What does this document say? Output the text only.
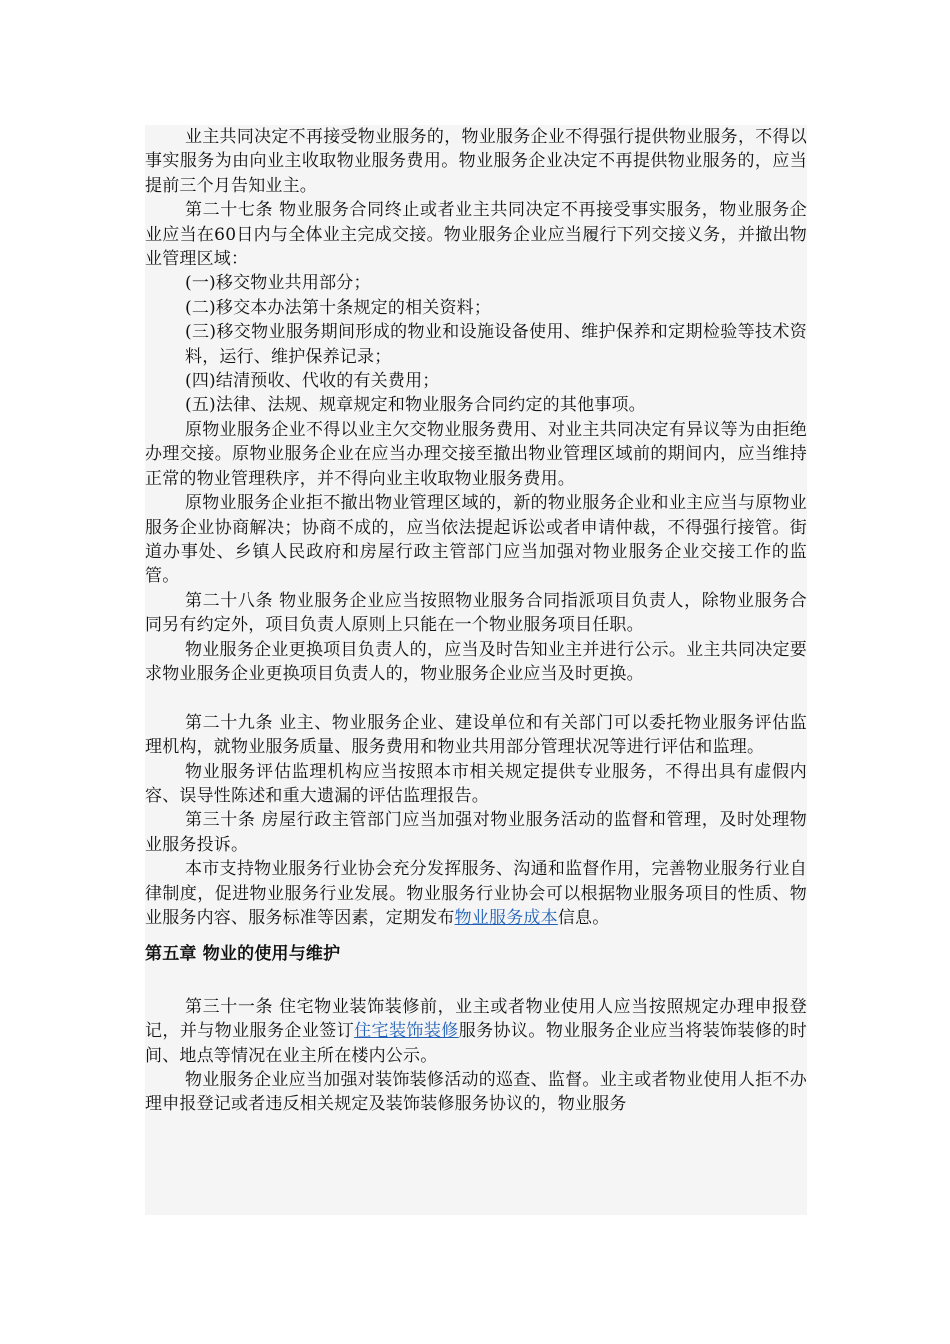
业主共同决定不再接受物业服务的，物业服务企业不得强行提供物业服务，不得以事实服务为由向业主收取物业服务费用。物业服务企业决定不再提供物业服务的，应当提前三个月告知业主。

第二十七条 物业服务合同终止或者业主共同决定不再接受事实服务，物业服务企业应当在60日内与全体业主完成交接。物业服务企业应当履行下列交接义务，并撤出物业管理区域：

(一)移交物业共用部分；

(二)移交本办法第十条规定的相关资料；

(三)移交物业服务期间形成的物业和设施设备使用、维护保养和定期检验等技术资料，运行、维护保养记录；

(四)结清预收、代收的有关费用；

(五)法律、法规、规章规定和物业服务合同约定的其他事项。

原物业服务企业不得以业主欠交物业服务费用、对业主共同决定有异议等为由拒绝办理交接。原物业服务企业在应当办理交接至撤出物业管理区域前的期间内，应当维持正常的物业管理秩序，并不得向业主收取物业服务费用。

原物业服务企业拒不撤出物业管理区域的，新的物业服务企业和业主应当与原物业服务企业协商解决；协商不成的，应当依法提起诉讼或者申请仲裁，不得强行接管。街道办事处、乡镇人民政府和房屋行政主管部门应当加强对物业服务企业交接工作的监管。

第二十八条 物业服务企业应当按照物业服务合同指派项目负责人，除物业服务合同另有约定外，项目负责人原则上只能在一个物业服务项目任职。

物业服务企业更换项目负责人的，应当及时告知业主并进行公示。业主共同决定要求物业服务企业更换项目负责人的，物业服务企业应当及时更换。

第二十九条 业主、物业服务企业、建设单位和有关部门可以委托物业服务评估监理机构，就物业服务质量、服务费用和物业共用部分管理状况等进行评估和监理。

物业服务评估监理机构应当按照本市相关规定提供专业服务，不得出具有虚假内容、误导性陈述和重大遗漏的评估监理报告。

第三十条 房屋行政主管部门应当加强对物业服务活动的监督和管理，及时处理物业服务投诉。

本市支持物业服务行业协会充分发挥服务、沟通和监督作用，完善物业服务行业自律制度，促进物业服务行业发展。物业服务行业协会可以根据物业服务项目的性质、物业服务内容、服务标准等因素，定期发布物业服务成本信息。

第五章 物业的使用与维护

第三十一条 住宅物业装饰装修前，业主或者物业使用人应当按照规定办理申报登记，并与物业服务企业签订住宅装饰装修服务协议。物业服务企业应当将装饰装修的时间、地点等情况在业主所在楼内公示。

物业服务企业应当加强对装饰装修活动的巡查、监督。业主或者物业使用人拒不办理申报登记或者违反相关规定及装饰装修服务协议的，物业服务
